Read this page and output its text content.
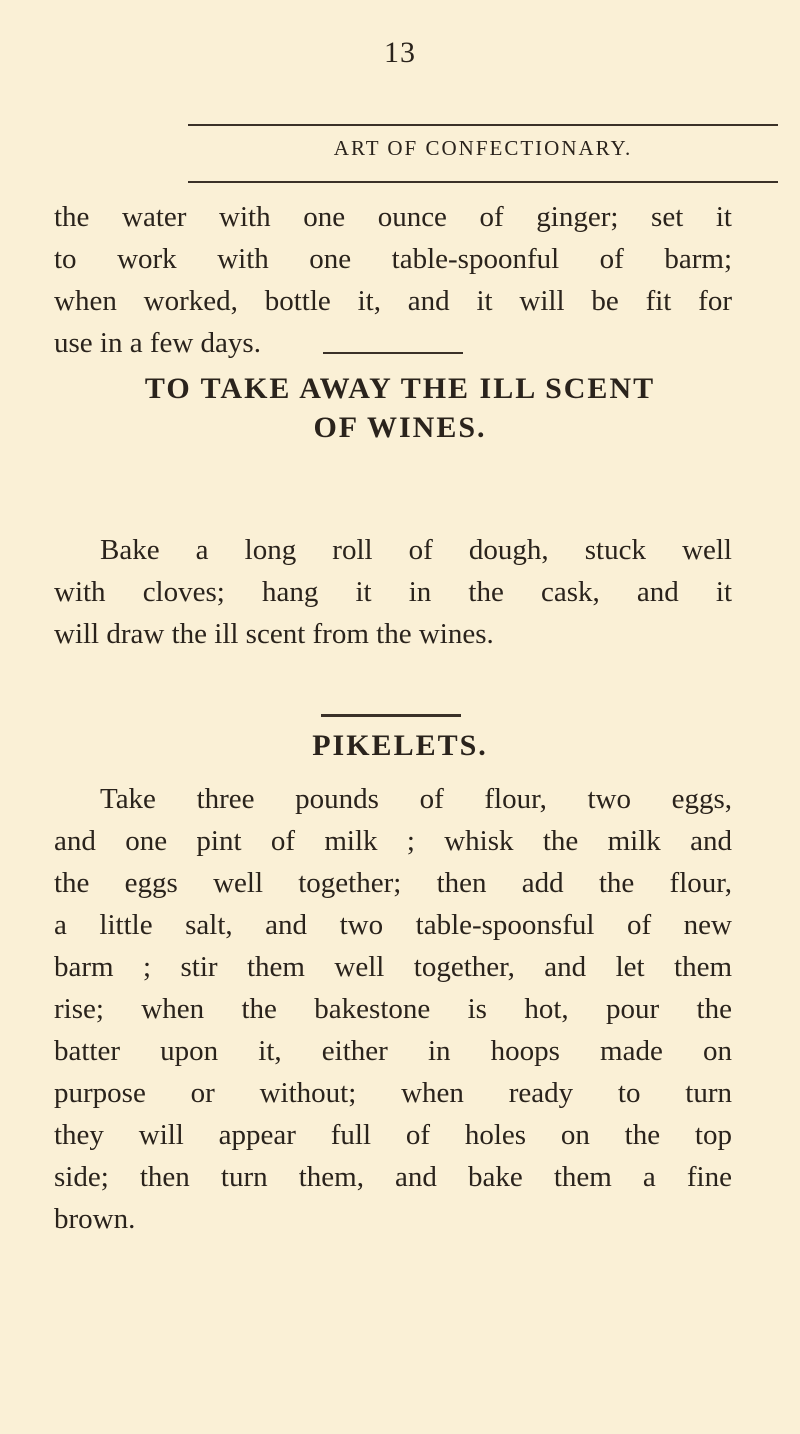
13
ART OF CONFECTIONARY.

the water with one ounce of ginger; set it
to work with one table-spoonful of barm;
when worked, bottle it, and it will be fit for
use in a few days.

TO TAKE AWAY THE ILL SCENT
OF WINES.

Bake a long roll of dough, stuck well
with cloves; hang it in the cask, and it
will draw the ill scent from the wines.

PIKELETS.

Take three pounds of flour, two eggs,
and one pint of milk ; whisk the milk and
the eggs well together; then add the flour,
a little salt, and two table-spoonsful of new
barm ; stir them well together, and let them
rise; when the bakestone is hot, pour the
batter upon it, either in hoops made on
purpose or without; when ready to turn
they will appear full of holes on the top
side; then turn them, and bake them a fine
brown.
